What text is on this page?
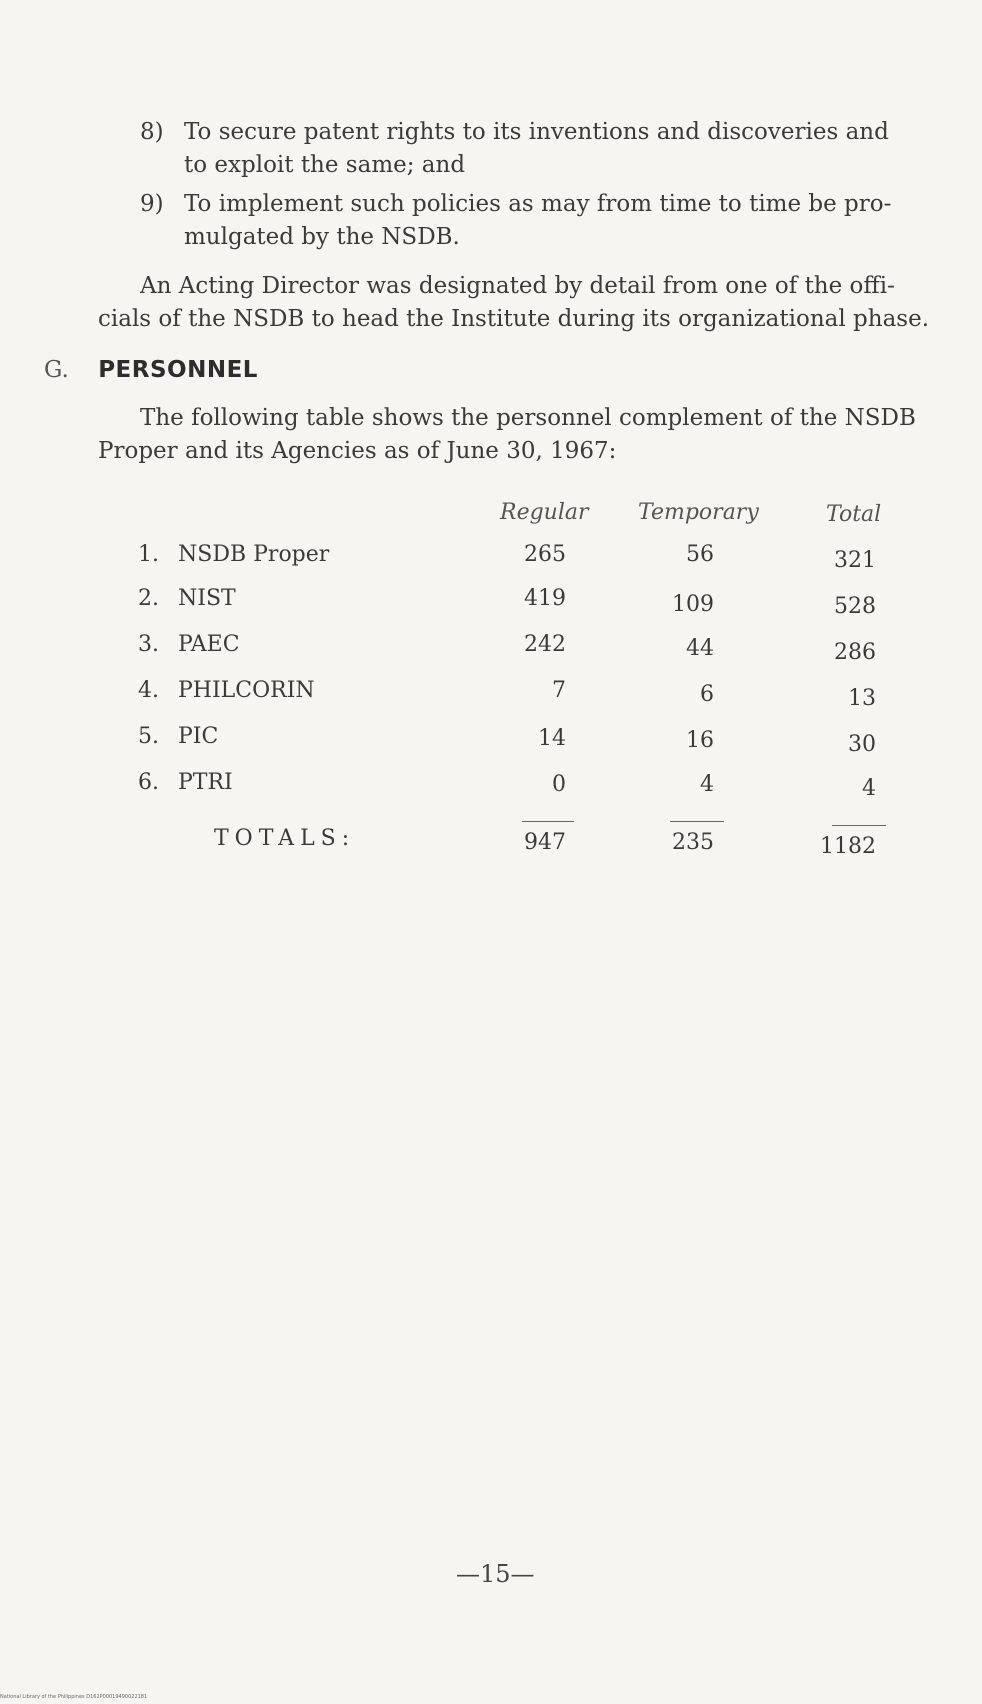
8) To secure patent rights to its inventions and discoveries and
to exploit the same; and
9) To implement such policies as may from time to time be pro-
mulgated by the NSDB.
An Acting Director was designated by detail from one of the offi-
cials of the NSDB to head the Institute during its organizational phase.
G. PERSONNEL
The following table shows the personnel complement of the NSDB
Proper and its Agencies as of June 30, 1967:
Regular Temporary	Total
1. NSDB Proper	265	56	321
2. NIST	419	109	528
3. PAEC	242	44	286
4. PHILCORIN	7	6	13
5. PIC	14	16	30
6. PTRI	0	4	4
TOTALS:	947	235	1182
—15—
National Library of the Philippines D162P00019490022181
